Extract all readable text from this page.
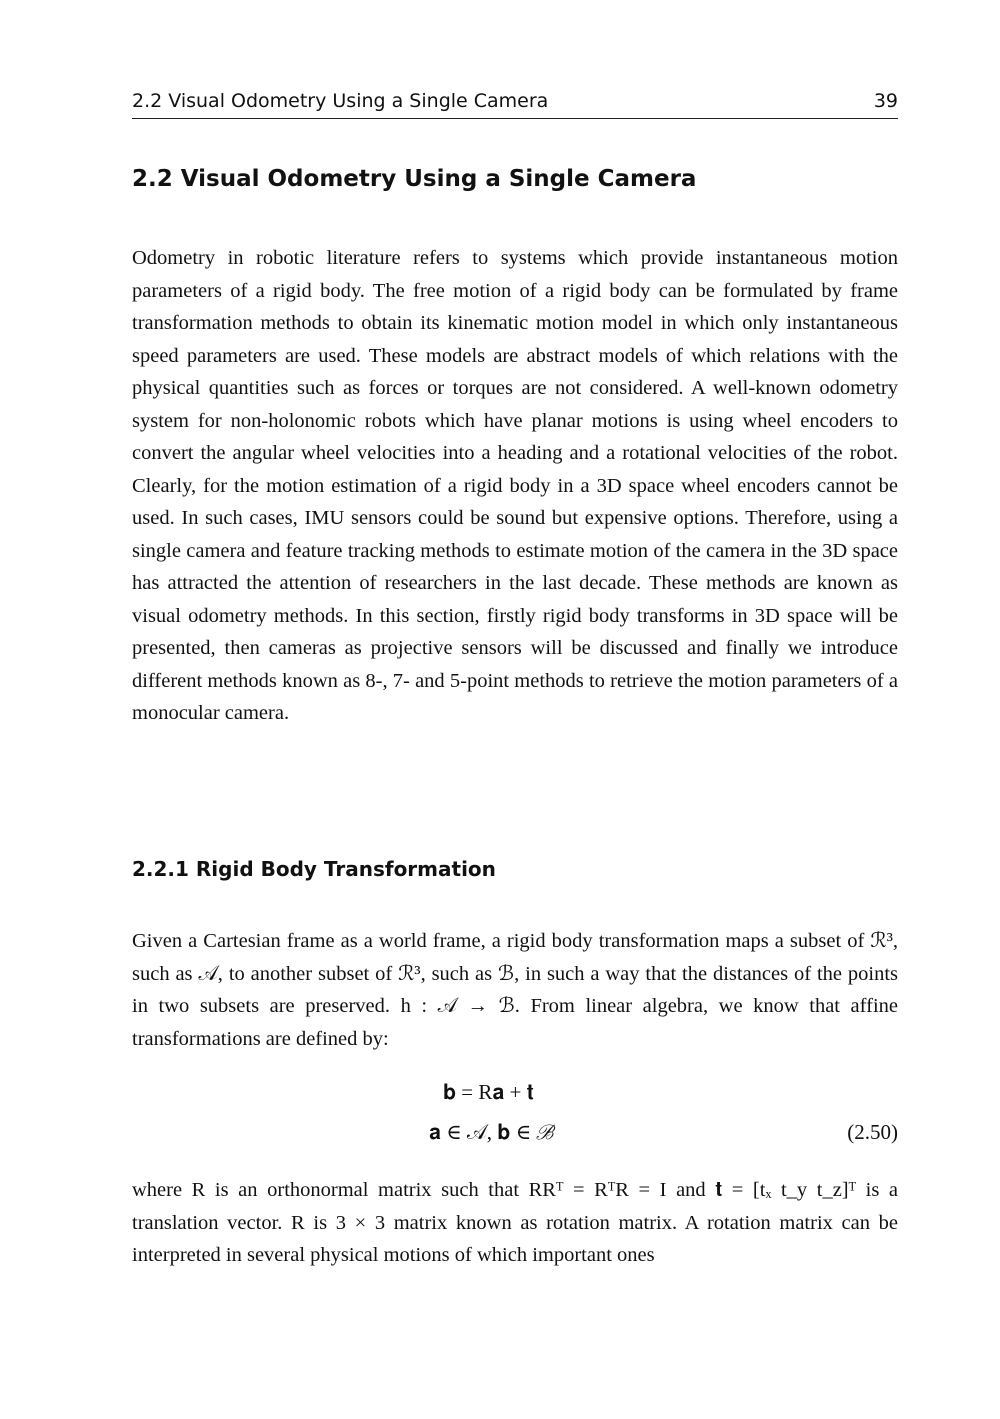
2.2 Visual Odometry Using a Single Camera	39
2.2 Visual Odometry Using a Single Camera

Odometry in robotic literature refers to systems which provide instantaneous motion parameters of a rigid body. The free motion of a rigid body can be formulated by frame transformation methods to obtain its kinematic motion model in which only instantaneous speed parameters are used. These models are abstract models of which relations with the physical quantities such as forces or torques are not considered. A well-known odometry system for non-holonomic robots which have planar motions is using wheel encoders to convert the angular wheel velocities into a heading and a rotational velocities of the robot. Clearly, for the motion estimation of a rigid body in a 3D space wheel encoders cannot be used. In such cases, IMU sensors could be sound but expensive options. Therefore, using a single camera and feature tracking methods to estimate motion of the camera in the 3D space has attracted the attention of researchers in the last decade. These methods are known as visual odometry methods. In this section, firstly rigid body transforms in 3D space will be presented, then cameras as projective sensors will be discussed and finally we introduce different methods known as 8-, 7- and 5-point methods to retrieve the motion parameters of a monocular camera.

2.2.1 Rigid Body Transformation

Given a Cartesian frame as a world frame, a rigid body transformation maps a subset of ℛ³, such as 𝒜, to another subset of ℛ³, such as ℬ, in such a way that the distances of the points in two subsets are preserved. h : 𝒜 → ℬ. From linear algebra, we know that affine transformations are defined by:

𝐛 = R𝐚 + 𝐭
𝐚 ∈ 𝒜, 𝐛 ∈ ℬ	(2.50)

where R is an orthonormal matrix such that RRᵀ = RᵀR = I and 𝐭 = [tₓ t_y t_z]ᵀ is a translation vector. R is 3 × 3 matrix known as rotation matrix. A rotation matrix can be interpreted in several physical motions of which important ones
